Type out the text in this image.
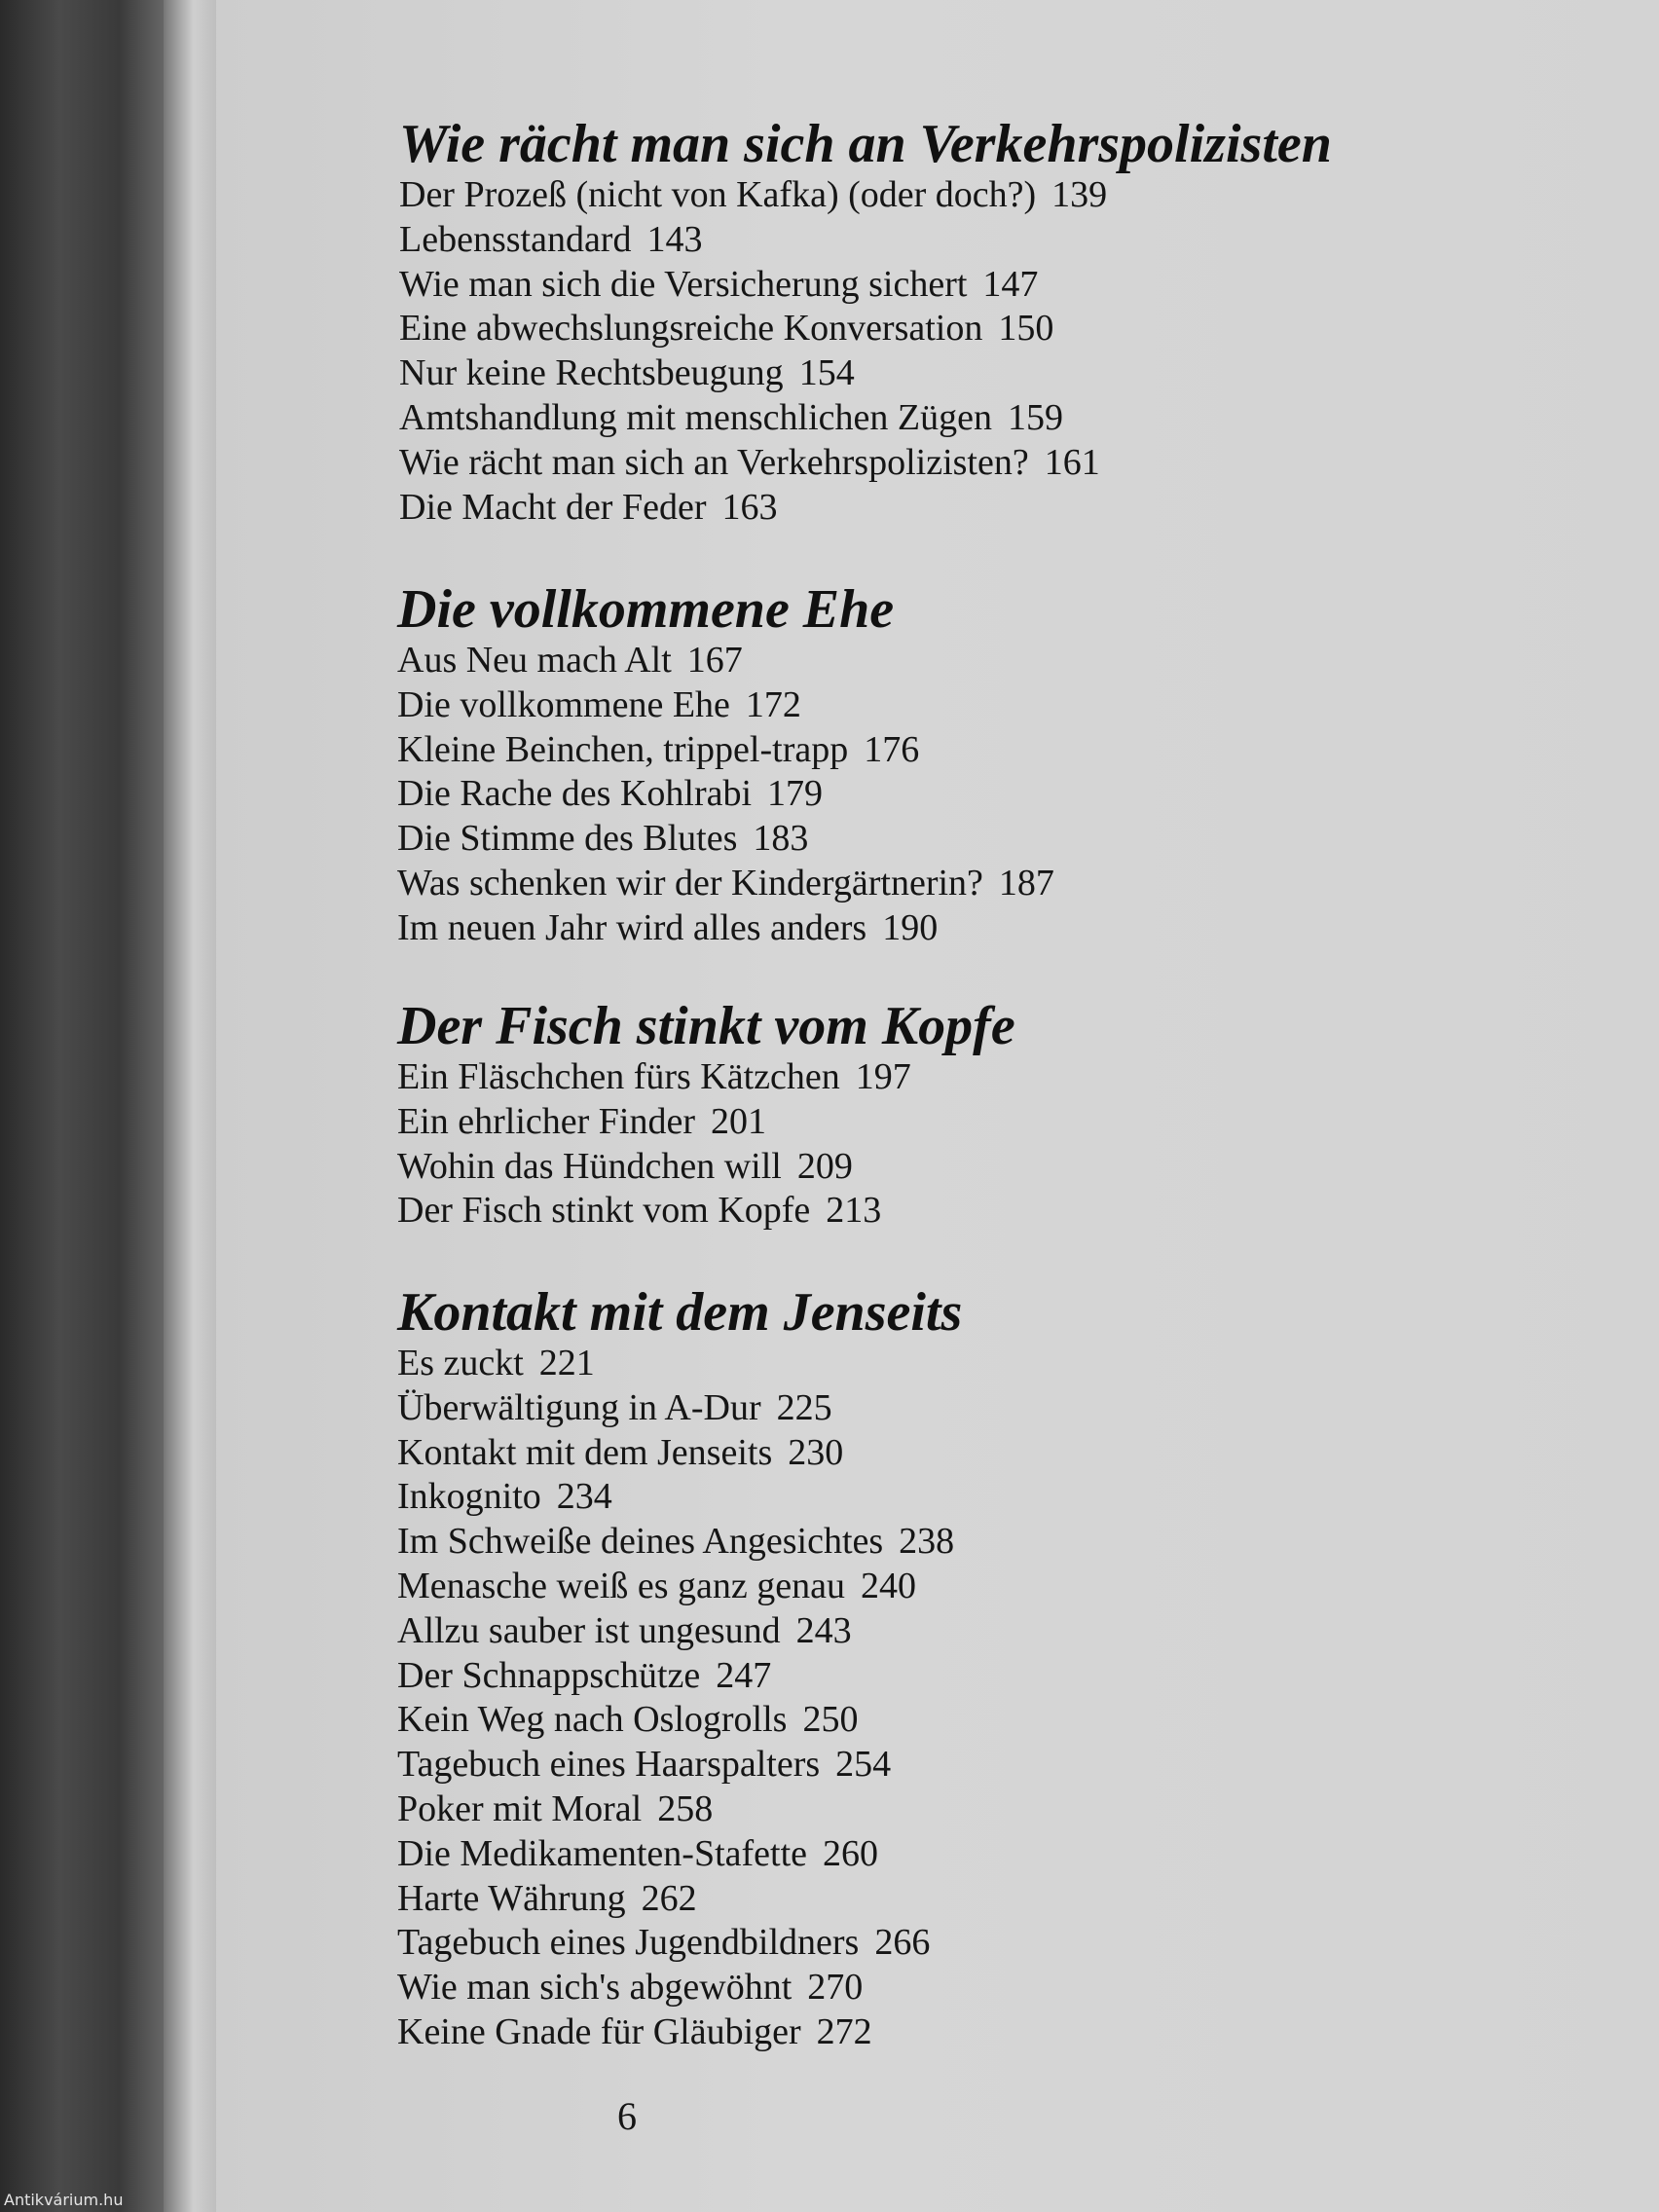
Wie rächt man sich an Verkehrspolizisten
Der Prozeß (nicht von Kafka) (oder doch?) 139
Lebensstandard 143
Wie man sich die Versicherung sichert 147
Eine abwechslungsreiche Konversation 150
Nur keine Rechtsbeugung 154
Amtshandlung mit menschlichen Zügen 159
Wie rächt man sich an Verkehrspolizisten? 161
Die Macht der Feder 163
Die vollkommene Ehe
Aus Neu mach Alt 167
Die vollkommene Ehe 172
Kleine Beinchen, trippel-trapp 176
Die Rache des Kohlrabi 179
Die Stimme des Blutes 183
Was schenken wir der Kindergärtnerin? 187
Im neuen Jahr wird alles anders 190
Der Fisch stinkt vom Kopfe
Ein Fläschchen fürs Kätzchen 197
Ein ehrlicher Finder 201
Wohin das Hündchen will 209
Der Fisch stinkt vom Kopfe 213
Kontakt mit dem Jenseits
Es zuckt 221
Überwältigung in A-Dur 225
Kontakt mit dem Jenseits 230
Inkognito 234
Im Schweiße deines Angesichtes 238
Menasche weiß es ganz genau 240
Allzu sauber ist ungesund 243
Der Schnappschütze 247
Kein Weg nach Oslogrolls 250
Tagebuch eines Haarspalters 254
Poker mit Moral 258
Die Medikamenten-Stafette 260
Harte Währung 262
Tagebuch eines Jugendbildners 266
Wie man sich's abgewöhnt 270
Keine Gnade für Gläubiger 272
6
Antikvárium.hu
